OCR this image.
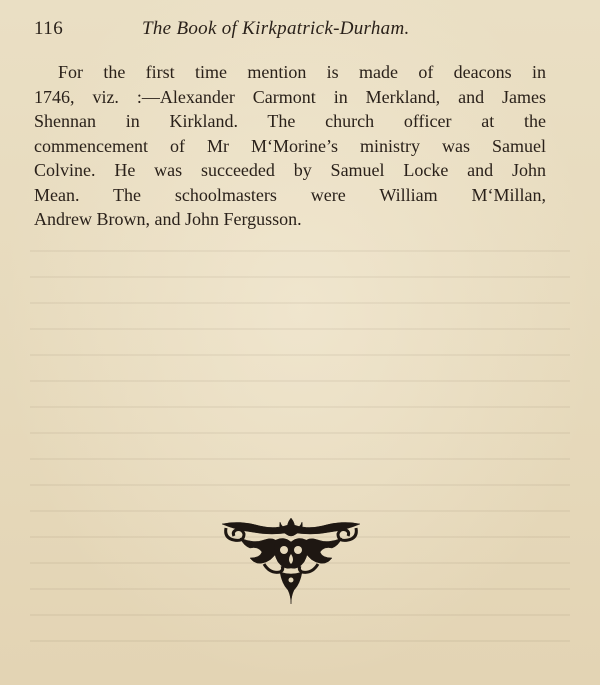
116	The Book of Kirkpatrick-Durham.
For the first time mention is made of deacons in
1746, viz. :—Alexander Carmont in Merkland, and James
Shennan in Kirkland. The church officer at the
commencement of Mr M‘Morine’s ministry was Samuel
Colvine. He was succeeded by Samuel Locke and John
Mean. The schoolmasters were William M‘Millan,
Andrew Brown, and John Fergusson.
